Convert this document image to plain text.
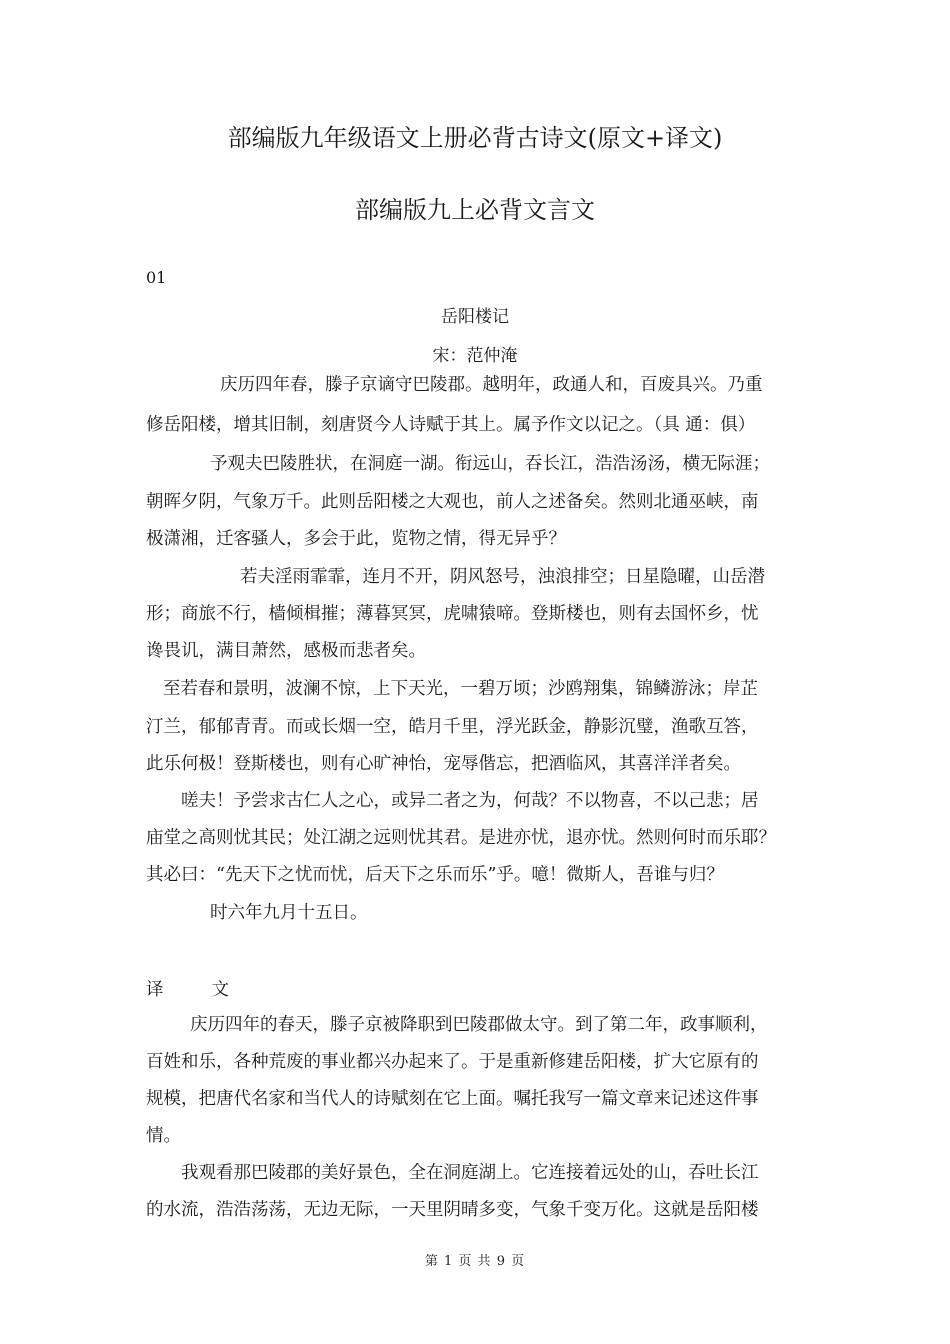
部编版九年级语文上册必背古诗文(原文+译文)
部编版九上必背文言文
01
岳阳楼记
宋：范仲淹
庆历四年春，滕子京谪守巴陵郡。越明年，政通人和，百废具兴。乃重
修岳阳楼，增其旧制，刻唐贤今人诗赋于其上。属予作文以记之。（具 通：俱）
予观夫巴陵胜状，在洞庭一湖。衔远山，吞长江，浩浩汤汤，横无际涯；
朝晖夕阴，气象万千。此则岳阳楼之大观也，前人之述备矣。然则北通巫峡，南
极潇湘，迁客骚人，多会于此，览物之情，得无异乎？
若夫淫雨霏霏，连月不开，阴风怒号，浊浪排空；日星隐曜，山岳潜
形；商旅不行，樯倾楫摧；薄暮冥冥，虎啸猿啼。登斯楼也，则有去国怀乡，忧
谗畏讥，满目萧然，感极而悲者矣。
至若春和景明，波澜不惊，上下天光，一碧万顷；沙鸥翔集，锦鳞游泳；岸芷
汀兰，郁郁青青。而或长烟一空，皓月千里，浮光跃金，静影沉璧，渔歌互答，
此乐何极！登斯楼也，则有心旷神怡，宠辱偕忘，把酒临风，其喜洋洋者矣。
嗟夫！予尝求古仁人之心，或异二者之为，何哉？不以物喜，不以己悲；居
庙堂之高则忧其民；处江湖之远则忧其君。是进亦忧，退亦忧。然则何时而乐耶？
其必曰：“先天下之忧而忧，后天下之乐而乐”乎。噫！微斯人，吾谁与归？
时六年九月十五日。
译	文
庆历四年的春天，滕子京被降职到巴陵郡做太守。到了第二年，政事顺利，
百姓和乐，各种荒废的事业都兴办起来了。于是重新修建岳阳楼，扩大它原有的
规模，把唐代名家和当代人的诗赋刻在它上面。嘱托我写一篇文章来记述这件事
情。
我观看那巴陵郡的美好景色，全在洞庭湖上。它连接着远处的山，吞吐长江
的水流，浩浩荡荡，无边无际，一天里阴晴多变，气象千变万化。这就是岳阳楼
第 1 页 共 9 页
